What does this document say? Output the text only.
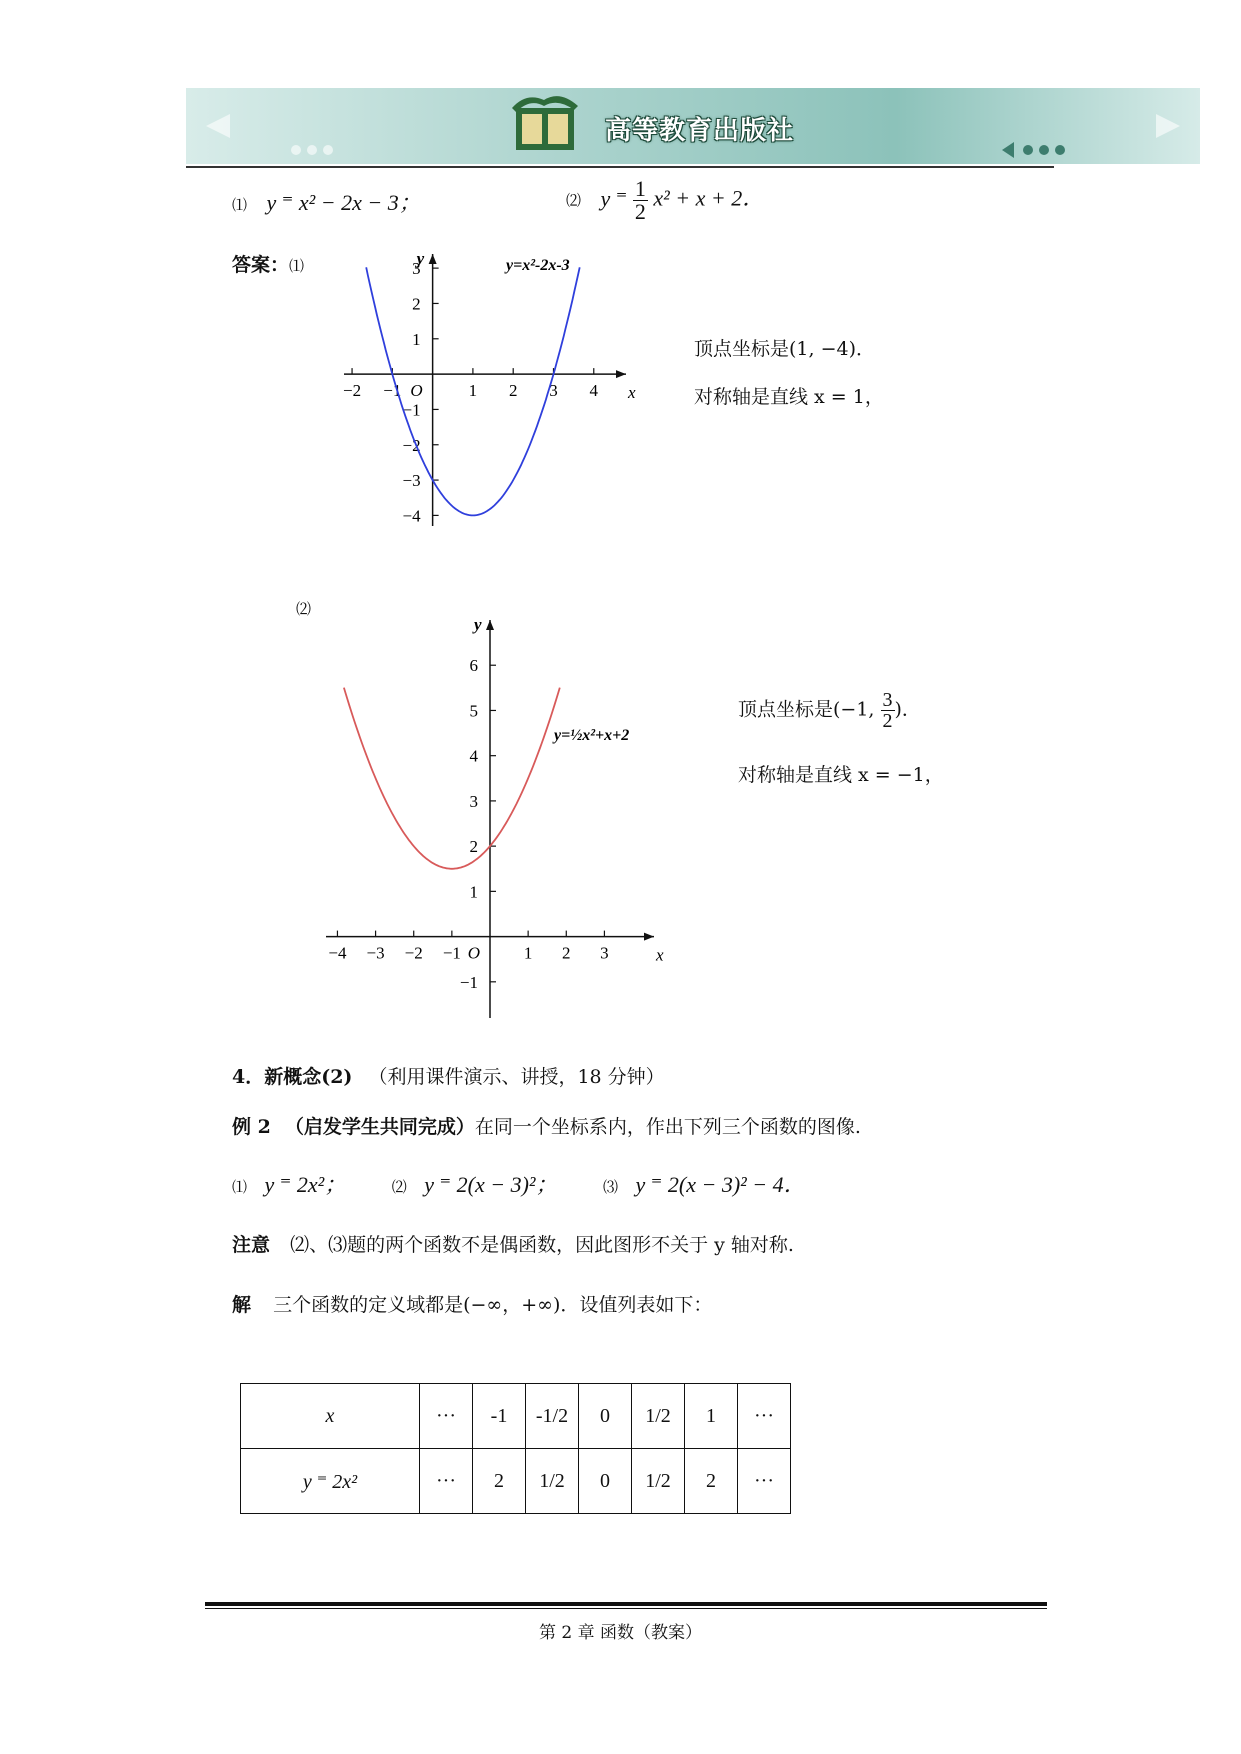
高等教育出版社
⑴ y ⁼ x² − 2x − 3；	⑵ y ⁼ $\frac{1}{2} x^2 + x + 2$．
答案：⑴
−2 −1	1 2 3 4
3
2
1
−1
−2
−3
−4
O	x
y	y=x²-2x-3
顶点坐标是(1, −4)．
对称轴是直线 x = 1，
⑵
−4 −3 −2 −1	1 2 3
6
5
4
3
2
1
−1
O	x
y
y=½x²+x+2
顶点坐标是(−1, $\frac{3}{2}$ )．
对称轴是直线 x = −1，
4．新概念(2) （利用课件演示、讲授，18 分钟）
例 2 （启发学生共同完成）在同一个坐标系内，作出下列三个函数的图像.
⑴ y ⁼ 2x²；	⑵ y ⁼ 2(x − 3)²；	⑶ y ⁼ 2(x − 3)² − 4．
注意 ⑵、⑶题的两个函数不是偶函数，因此图形不关于 y 轴对称.
解 三个函数的定义域都是(−∞，+∞)．设值列表如下：
x	···	-1	-1/2	0	1/2	1	···
y ⁼ 2x²	···	2	1/2	0	1/2	2	···
第 2 章 函数（教案）
